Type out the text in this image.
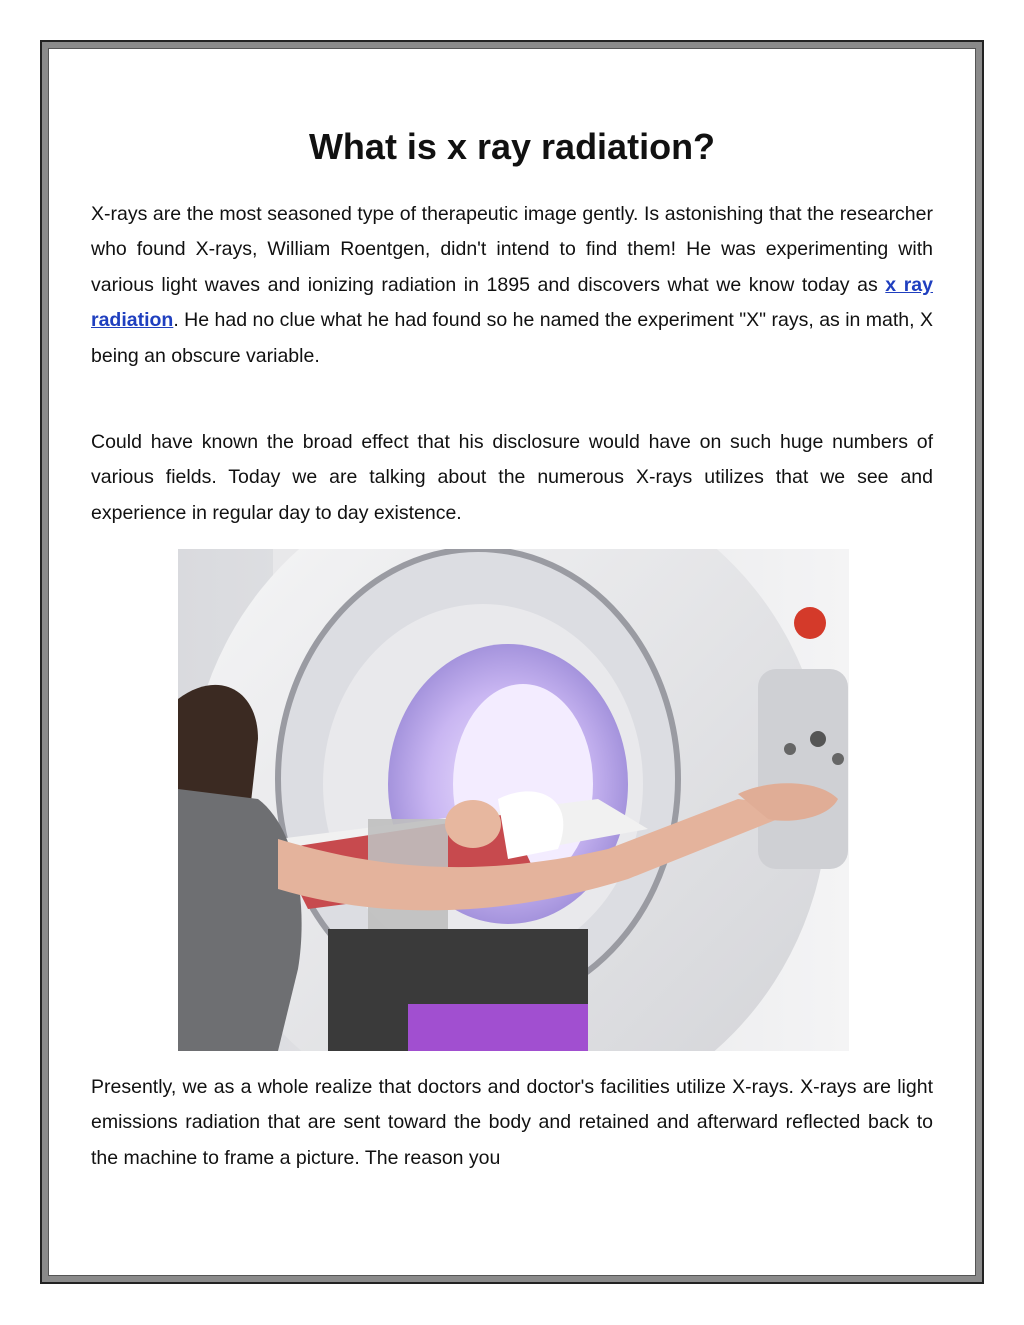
What is x ray radiation?

X-rays are the most seasoned type of therapeutic image gently. Is astonishing that the researcher who found X-rays, William Roentgen, didn't intend to find them! He was experimenting with various light waves and ionizing radiation in 1895 and discovers what we know today as x ray radiation. He had no clue what he had found so he named the experiment "X" rays, as in math, X being an obscure variable.

Could have known the broad effect that his disclosure would have on such huge numbers of various fields. Today we are talking about the numerous X-rays utilizes that we see and experience in regular day to day existence.

Presently, we as a whole realize that doctors and doctor's facilities utilize X-rays. X-rays are light emissions radiation that are sent toward the body and retained and afterward reflected back to the machine to frame a picture. The reason you
